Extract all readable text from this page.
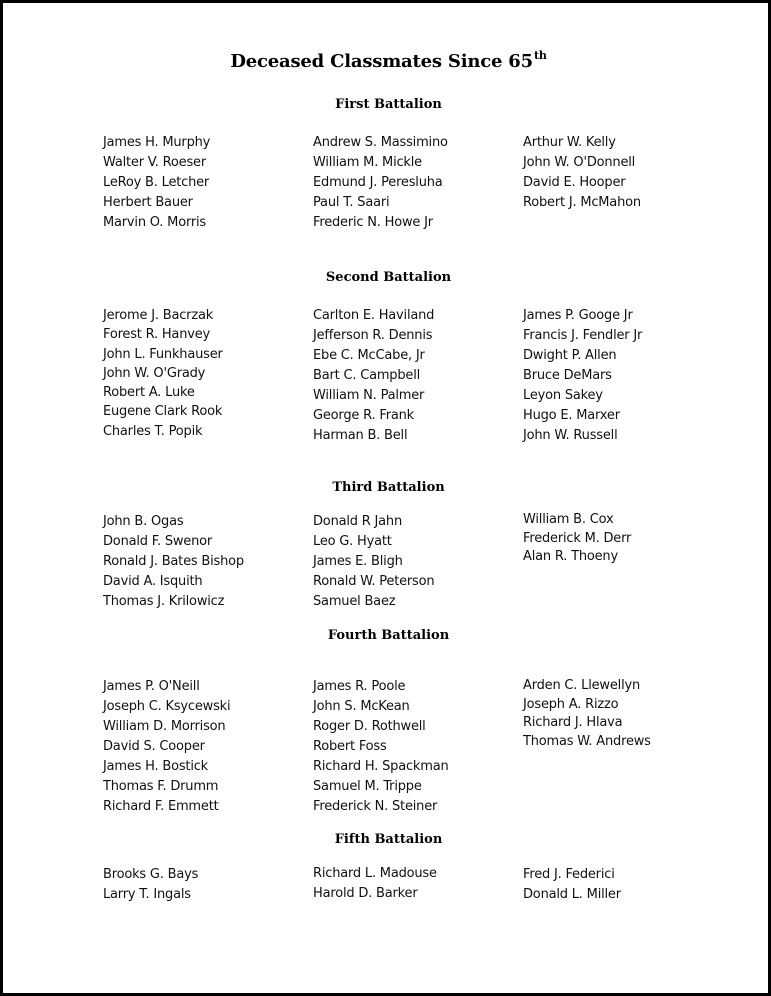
Deceased Classmates Since 65th
First Battalion
James H. Murphy
Walter V. Roeser
LeRoy B. Letcher
Herbert Bauer
Marvin O. Morris
Andrew S. Massimino
William M. Mickle
Edmund J. Peresluha
Paul T. Saari
Frederic N. Howe Jr
Arthur W. Kelly
John W. O'Donnell
David E. Hooper
Robert J. McMahon
Second Battalion
Jerome J. Bacrzak
Forest R. Hanvey
John L. Funkhauser
John W. O'Grady
Robert A. Luke
Eugene Clark Rook
Charles T. Popik
Carlton E. Haviland
Jefferson R. Dennis
Ebe C. McCabe, Jr
Bart C. Campbell
William N. Palmer
George R. Frank
Harman B. Bell
James P. Googe Jr
Francis J. Fendler Jr
Dwight P. Allen
Bruce DeMars
Leyon Sakey
Hugo E. Marxer
John W. Russell
Third Battalion
John B. Ogas
Donald F. Swenor
Ronald J. Bates Bishop
David A. Isquith
Thomas J. Krilowicz
Donald R Jahn
Leo G. Hyatt
James E. Bligh
Ronald W. Peterson
Samuel Baez
William B. Cox
Frederick M. Derr
Alan R. Thoeny
Fourth Battalion
James P. O'Neill
Joseph C. Ksycewski
William D. Morrison
David S. Cooper
James H. Bostick
Thomas F. Drumm
Richard F. Emmett
James R. Poole
John S. McKean
Roger D. Rothwell
Robert Foss
Richard H. Spackman
Samuel M. Trippe
Frederick N. Steiner
Arden C. Llewellyn
Joseph A. Rizzo
Richard J. Hlava
Thomas W. Andrews
Fifth Battalion
Brooks G. Bays
Larry T. Ingals
Richard L. Madouse
Harold D. Barker
Fred J. Federici
Donald L. Miller
